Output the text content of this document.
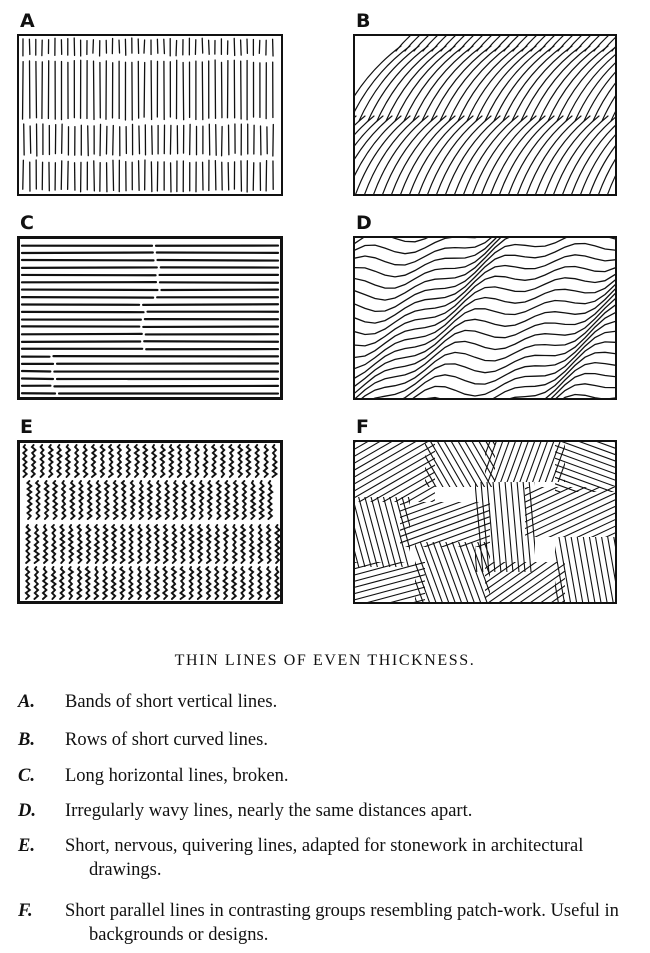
A	B
C	D
E	F
THIN LINES OF EVEN THICKNESS.
A. Bands of short vertical lines.
B. Rows of short curved lines.
C. Long horizontal lines, broken.
D. Irregularly wavy lines, nearly the same distances apart.
E. Short, nervous, quivering lines, adapted for stonework in architectural drawings.
F. Short parallel lines in contrasting groups resembling patch-work. Useful in backgrounds or designs.
